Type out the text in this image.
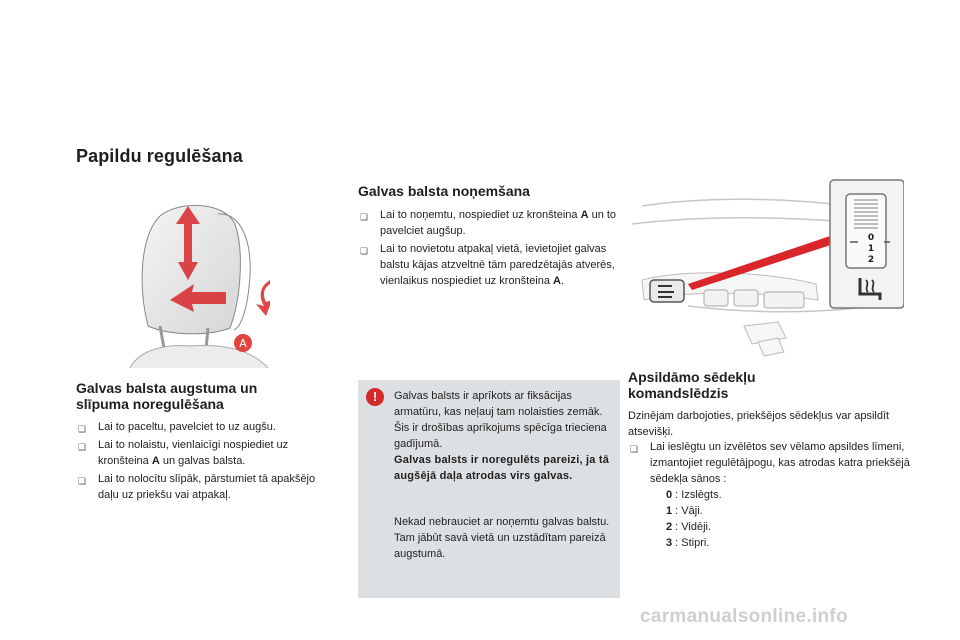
Papildu regulēšana
A
Galvas balsta augstuma un
slīpuma noregulēšana
❏	Lai to paceltu, pavelciet to uz augšu.
❏	Lai to nolaistu, vienlaicīgi nospiediet uz kronšteina A un galvas balsta.
❏	Lai to nolocītu slīpāk, pārstumiet tā apakšējo daļu uz priekšu vai atpakaļ.
Galvas balsta noņemšana
❏	Lai to noņemtu, nospiediet uz kronšteina A un to pavelciet augšup.
❏	Lai to novietotu atpakaļ vietā, ievietojiet galvas balstu kājas atzveltnē tām paredzētajās atverēs, vienlaikus nospiediet uz kronšteina A.
!	Galvas balsts ir aprīkots ar fiksācijas armatūru, kas neļauj tam nolaisties zemāk. Šis ir drošības aprīkojums spēcīga trieciena gadījumā.

Galvas balsts ir noregulēts pareizi, ja tā augšējā daļa atrodas virs galvas.

Nekad nebrauciet ar noņemtu galvas balstu. Tam jābūt savā vietā un uzstādītam pareizā augstumā.

0
1
2
Apsildāmo sēdekļu
komandslēdzis
Dzinējam darbojoties, priekšējos sēdekļus var apsildīt atsevišķi.
❏	Lai ieslēgtu un izvēlētos sev vēlamo apsildes līmeni, izmantojiet regulētājpogu, kas atrodas katra priekšējā sēdekļa sānos :
0 : Izslēgts.
1 : Vāji.
2 : Vidēji.
3 : Stipri.
carmanualsonline.info
